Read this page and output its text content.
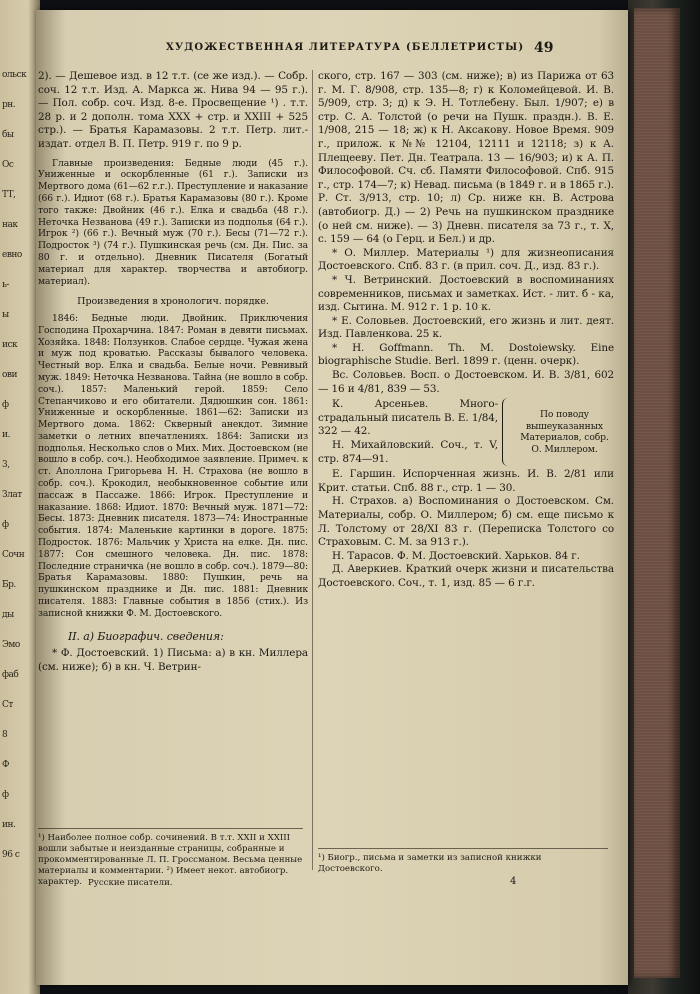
ольск
рн.
бы
Ос
ТТ,
нак
евно
ь-
ы
иск
ови
ф
и.
3,
Злат
ф
Сочн
Бр.
ды
Эмо
фаб
Ст
8
Ф
ф
ин.
96 с
ХУДОЖЕСТВЕННАЯ ЛИТЕРАТУРА (БЕЛЛЕТРИСТЫ) 49

2). — Дешевое изд. в 12 т.т. (се же изд.). — Собр. соч. 12 т.т. Изд. А. Маркса ж. Нива 94 — 95 г.). — Пол. собр. соч. Изд. 8-е. Просвещение ¹) . т.т. 28 р. и 2 дополн. тома XXX + стр. и XXIII + 525 стр.). — Братья Карамазовы. 2 т.т. Петр. лит.-издат. отдел В. П. Петр. 919 г. по 9 р.

Главные произведения: Бедные люди (45 г.). Униженные и оскорбленные (61 г.). Записки из Мертвого дома (61—62 г.г.). Преступление и наказание (66 г.). Идиот (68 г.). Братья Карамазовы (80 г.). Кроме того также: Двойник (46 г.). Елка и свадьба (48 г.). Неточка Незванова (49 г.). Записки из подполья (64 г.). Игрок ²) (66 г.). Вечный муж (70 г.). Бесы (71—72 г.). Подросток ³) (74 г.). Пушкинская речь (см. Дн. Пис. за 80 г. и отдельно). Дневник Писателя (Богатый материал для характер. творчества и автобиогр. материал).

Произведения в хронологич. порядке.

1846: Бедные люди. Двойник. Приключения Господина Прохарчина. 1847: Роман в девяти письмах. Хозяйка. 1848: Ползунков. Слабое сердце. Чужая жена и муж под кроватью. Рассказы бывалого человека. Честный вор. Елка и свадьба. Белые ночи. Ревнивый муж. 1849: Неточка Незванова. Тайна (не вошло в собр. соч.). 1857: Маленький герой. 1859: Село Степанчиково и его обитатели. Дядюшкин сон. 1861: Униженные и оскорбленные. 1861—62: Записки из Мертвого дома. 1862: Скверный анекдот. Зимние заметки о летних впечатлениях. 1864: Записки из подполья. Несколько слов о Мих. Мих. Достоевском (не вошло в собр. соч.). Необходимое заявление. Примеч. к ст. Аполлона Григорьева Н. Н. Страхова (не вошло в собр. соч.). Крокодил, необыкновенное событие или пассаж в Пассаже. 1866: Игрок. Преступление и наказание. 1868: Идиот. 1870: Вечный муж. 1871—72: Бесы. 1873: Дневник писателя. 1873—74: Иностранные события. 1874: Маленькие картинки в дороге. 1875: Подросток. 1876: Мальчик у Христа на елке. Дн. пис. 1877: Сон смешного человека. Дн. пис. 1878: Последние страничка (не вошло в собр. соч.). 1879—80: Братья Карамазовы. 1880: Пушкин, речь на пушкинском празднике и Дн. пис. 1881: Дневник писателя. 1883: Главные события в 1856 (стих.). Из записной книжки Ф. М. Достоевского.

II. а) Биографич. сведения:

* Ф. Достоевский. 1) Письма: а) в кн. Миллера (см. ниже); б) в кн. Ч. Ветрин-

¹) Наиболее полное собр. сочинений. В т.т. XXII и XXIII вошли забытые и неизданные страницы, собранные и прокомментированные Л. П. Гроссманом. Весьма ценные материалы и комментарии. ²) Имеет некот. автобиогр. характер. Русские писатели.

ского, стр. 167 — 303 (см. ниже); в) из Парижа от 63 г. М. Г. 8/908, стр. 135—8; г) к Коломейцевой. И. В. 5/909, стр. 3; д) к Э. Н. Тотлебену. Был. 1/907; е) в стр. С. А. Толстой (о речи на Пушк. праздн.). В. Е. 1/908, 215 — 18; ж) к Н. Аксакову. Новое Время. 909 г., прилож. к №№ 12104, 12111 и 12118; з) к А. Плещееву. Пет. Дн. Театрала. 13 — 16/903; и) к А. П. Философовой. Сч. сб. Памяти Философовой. Спб. 915 г., стр. 174—7; к) Невад. письма (в 1849 г. и в 1865 г.). Р. Ст. 3/913, стр. 10; л) Ср. ниже кн. В. Астрова (автобиогр. Д.) — 2) Речь на пушкинском празднике (о ней см. ниже). — 3) Дневн. писателя за 73 г., т. X, с. 159 — 64 (о Герц. и Бел.) и др.

* О. Миллер. Материалы ¹) для жизнеописания Достоевского. Спб. 83 г. (в прил. соч. Д., изд. 83 г.).

* Ч. Ветринский. Достоевский в воспоминаниях современников, письмах и заметках. Ист. - лит. б - ка, изд. Сытина. М. 912 г. 1 р. 10 к.

* Е. Соловьев. Достоевский, его жизнь и лит. деят. Изд. Павленкова. 25 к.

* H. Goffmann. Th. M. Dostoiewsky. Eine biographische Studie. Berl. 1899 г. (ценн. очерк).

Вс. Соловьев. Восп. о Достоевском. И. В. 3/81, 602 — 16 и 4/81, 839 — 53.

К. Арсеньев. Много-страдальный писатель В. Е. 1/84, 322 — 42.

Н. Михайловский. Соч., т. V, стр. 874—91.

По поводу вышеуказанных Материалов, собр. О. Миллером.

Е. Гаршин. Испорченная жизнь. И. В. 2/81 или Крит. статьи. Спб. 88 г., стр. 1 — 30.

Н. Страхов. а) Воспоминания о Достоевском. См. Материалы, собр. О. Миллером; б) см. еще письмо к Л. Толстому от 28/XI 83 г. (Переписка Толстого со Страховым. С. М. за 913 г.).

Н. Тарасов. Ф. М. Достоевский. Харьков. 84 г.

Д. Аверкиев. Краткий очерк жизни и писательства Достоевского. Соч., т. 1, изд. 85 — 6 г.г.

¹) Биогр., письма и заметки из записной книжки Достоевского.
4
